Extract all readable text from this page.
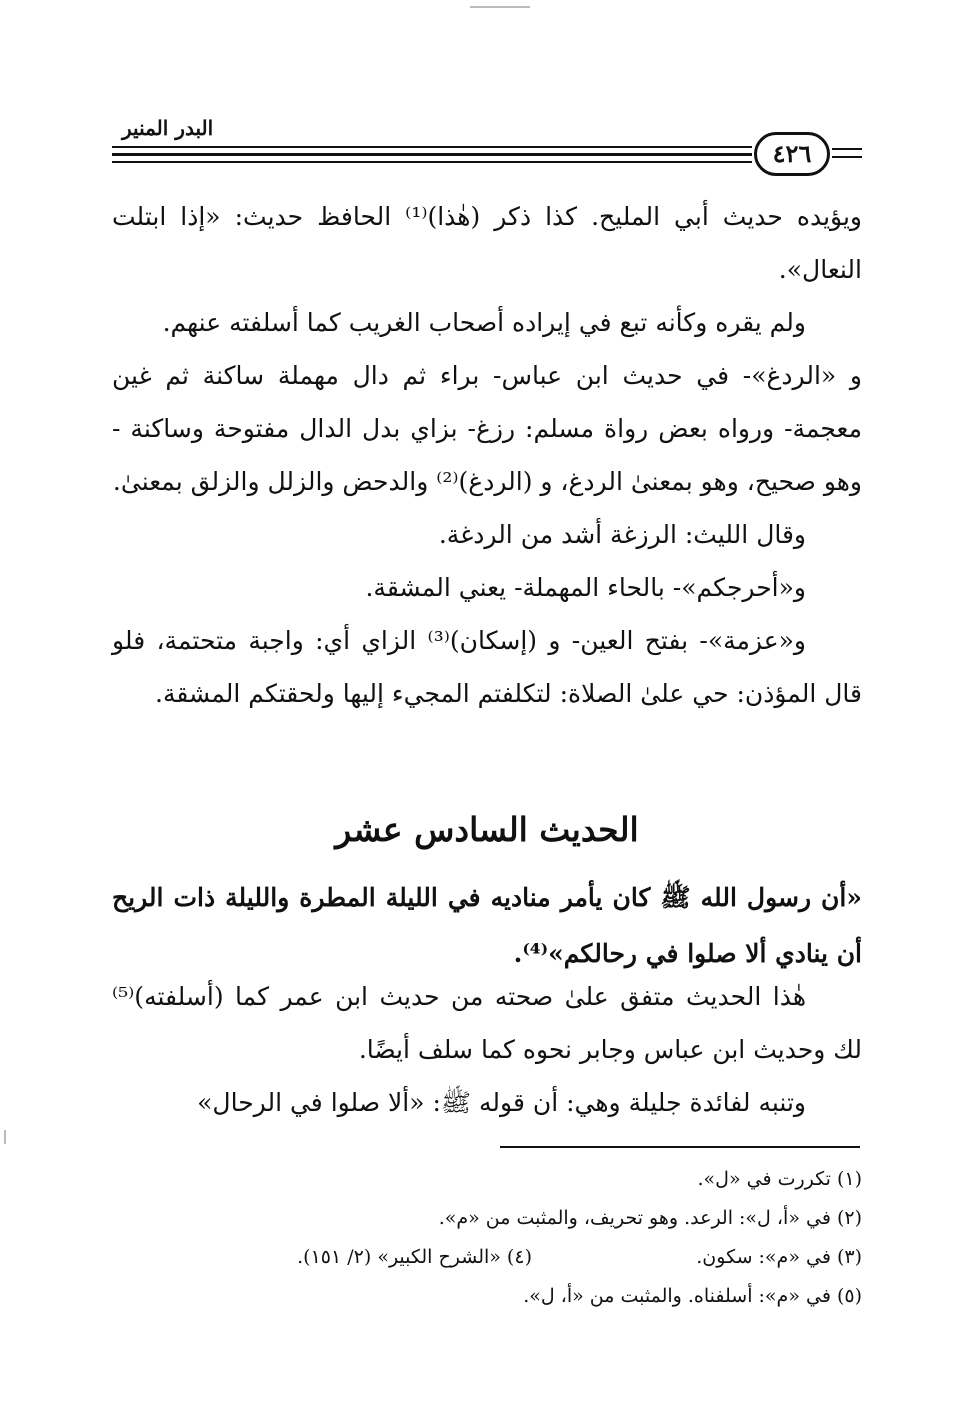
البدر المنير
٤٢٦

ويؤيده حديث أبي المليح. كذا ذكر (هٰذا)⁽¹⁾ الحافظ حديث: «إذا ابتلت النعال».

ولم يقره وكأنه تبع في إيراده أصحاب الغريب كما أسلفته عنهم.

و «الردغ»- في حديث ابن عباس- براء ثم دال مهملة ساكنة ثم غين معجمة- ورواه بعض رواة مسلم: رزغ- بزاي بدل الدال مفتوحة وساكنة - وهو صحيح، وهو بمعنىٰ الردغ، و (الردغ)⁽²⁾ والدحض والزلل والزلق بمعنىٰ.

وقال الليث: الرزغة أشد من الردغة.

و«أحرجكم»- بالحاء المهملة- يعني المشقة.

و«عزمة»- بفتح العين- و (إسكان)⁽³⁾ الزاي أي: واجبة متحتمة، فلو قال المؤذن: حي علىٰ الصلاة: لتكلفتم المجيء إليها ولحقتكم المشقة.

الحديث السادس عشر
«أن رسول الله ﷺ كان يأمر مناديه في الليلة المطرة والليلة ذات الريح أن ينادي ألا صلوا في رحالكم»⁽⁴⁾.

هٰذا الحديث متفق علىٰ صحته من حديث ابن عمر كما (أسلفته)⁽⁵⁾ لك وحديث ابن عباس وجابر نحوه كما سلف أيضًا.

وتنبه لفائدة جليلة وهي: أن قوله ﷺ: «ألا صلوا في الرحال»

(١) تكررت في «ل».
(٢) في «أ، ل»: الرعد. وهو تحريف، والمثبت من «م».
(٣) في «م»: سكون.
(٤) «الشرح الكبير» (٢/ ١٥١).
(٥) في «م»: أسلفناه. والمثبت من «أ، ل».
